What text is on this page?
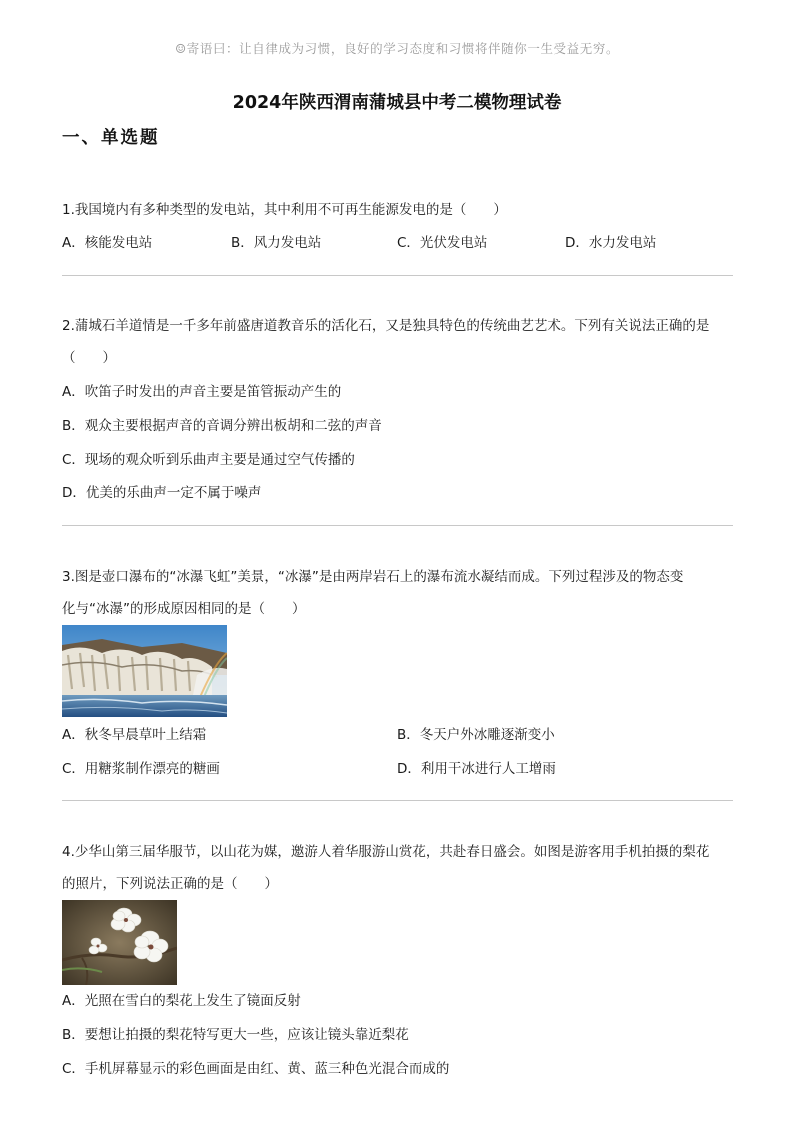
☺寄语曰：让自律成为习惯，良好的学习态度和习惯将伴随你一生受益无穷。
2024年陕西渭南蒲城县中考二模物理试卷
一、单选题
1.我国境内有多种类型的发电站，其中利用不可再生能源发电的是（　　）
A．核能发电站	B．风力发电站	C．光伏发电站	D．水力发电站
2.蒲城石羊道情是一千多年前盛唐道教音乐的活化石，又是独具特色的传统曲艺艺术。下列有关说法正确的是
（　　）
A．吹笛子时发出的声音主要是笛管振动产生的
B．观众主要根据声音的音调分辨出板胡和二弦的声音
C．现场的观众听到乐曲声主要是通过空气传播的
D．优美的乐曲声一定不属于噪声
3.图是壶口瀑布的“冰瀑飞虹”美景，“冰瀑”是由两岸岩石上的瀑布流水凝结而成。下列过程涉及的物态变
化与“冰瀑”的形成原因相同的是（　　）
A．秋冬早晨草叶上结霜	B．冬天户外冰雕逐渐变小
C．用糖浆制作漂亮的糖画	D．利用干冰进行人工增雨
4.少华山第三届华服节，以山花为媒，邀游人着华服游山赏花，共赴春日盛会。如图是游客用手机拍摄的梨花
的照片，下列说法正确的是（　　）
A．光照在雪白的梨花上发生了镜面反射
B．要想让拍摄的梨花特写更大一些，应该让镜头靠近梨花
C．手机屏幕显示的彩色画面是由红、黄、蓝三种色光混合而成的
